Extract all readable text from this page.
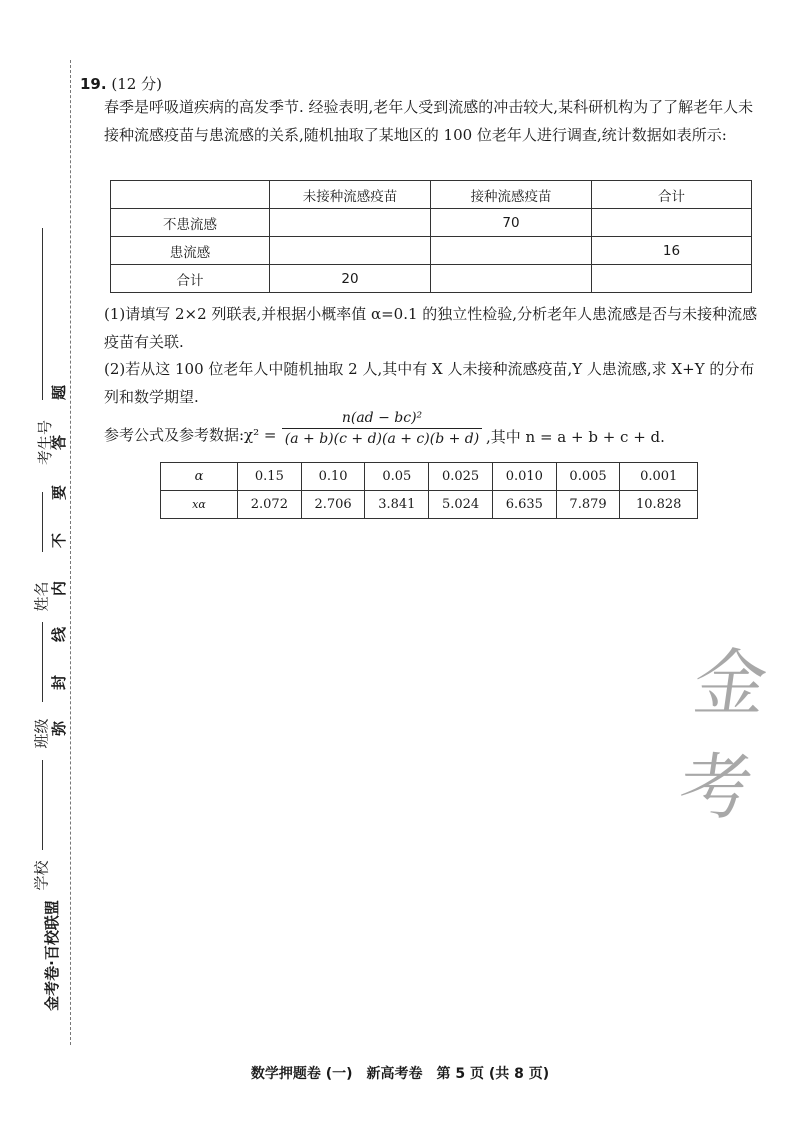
考生号
姓名
班级
学校
题
答
要
不
内
线
封
弥
金考卷·百校联盟
19. (12 分)
春季是呼吸道疾病的高发季节. 经验表明,老年人受到流感的冲击较大,某科研机构为了了解老年人未接种流感疫苗与患流感的关系,随机抽取了某地区的 100 位老年人进行调查,统计数据如表所示:
	未接种流感疫苗	接种流感疫苗	合计
不患流感		70	
患流感			16
合计	20		
(1)请填写 2×2 列联表,并根据小概率值 α=0.1 的独立性检验,分析老年人患流感是否与未接种流感疫苗有关联.
(2)若从这 100 位老年人中随机抽取 2 人,其中有 X 人未接种流感疫苗,Y 人患流感,求 X+Y 的分布列和数学期望.
参考公式及参考数据:χ² = $\frac{\text{n(ad − bc)²}}{(a + b)(c + d)(a + c)(b + d)}$ ,其中 n = a + b + c + d.
α	0.15	0.10	0.05	0.025	0.010	0.005	0.001
xα	2.072	2.706	3.841	5.024	6.635	7.879	10.828
金考
数学押题卷 (一)　新高考卷　第 5 页 (共 8 页)
